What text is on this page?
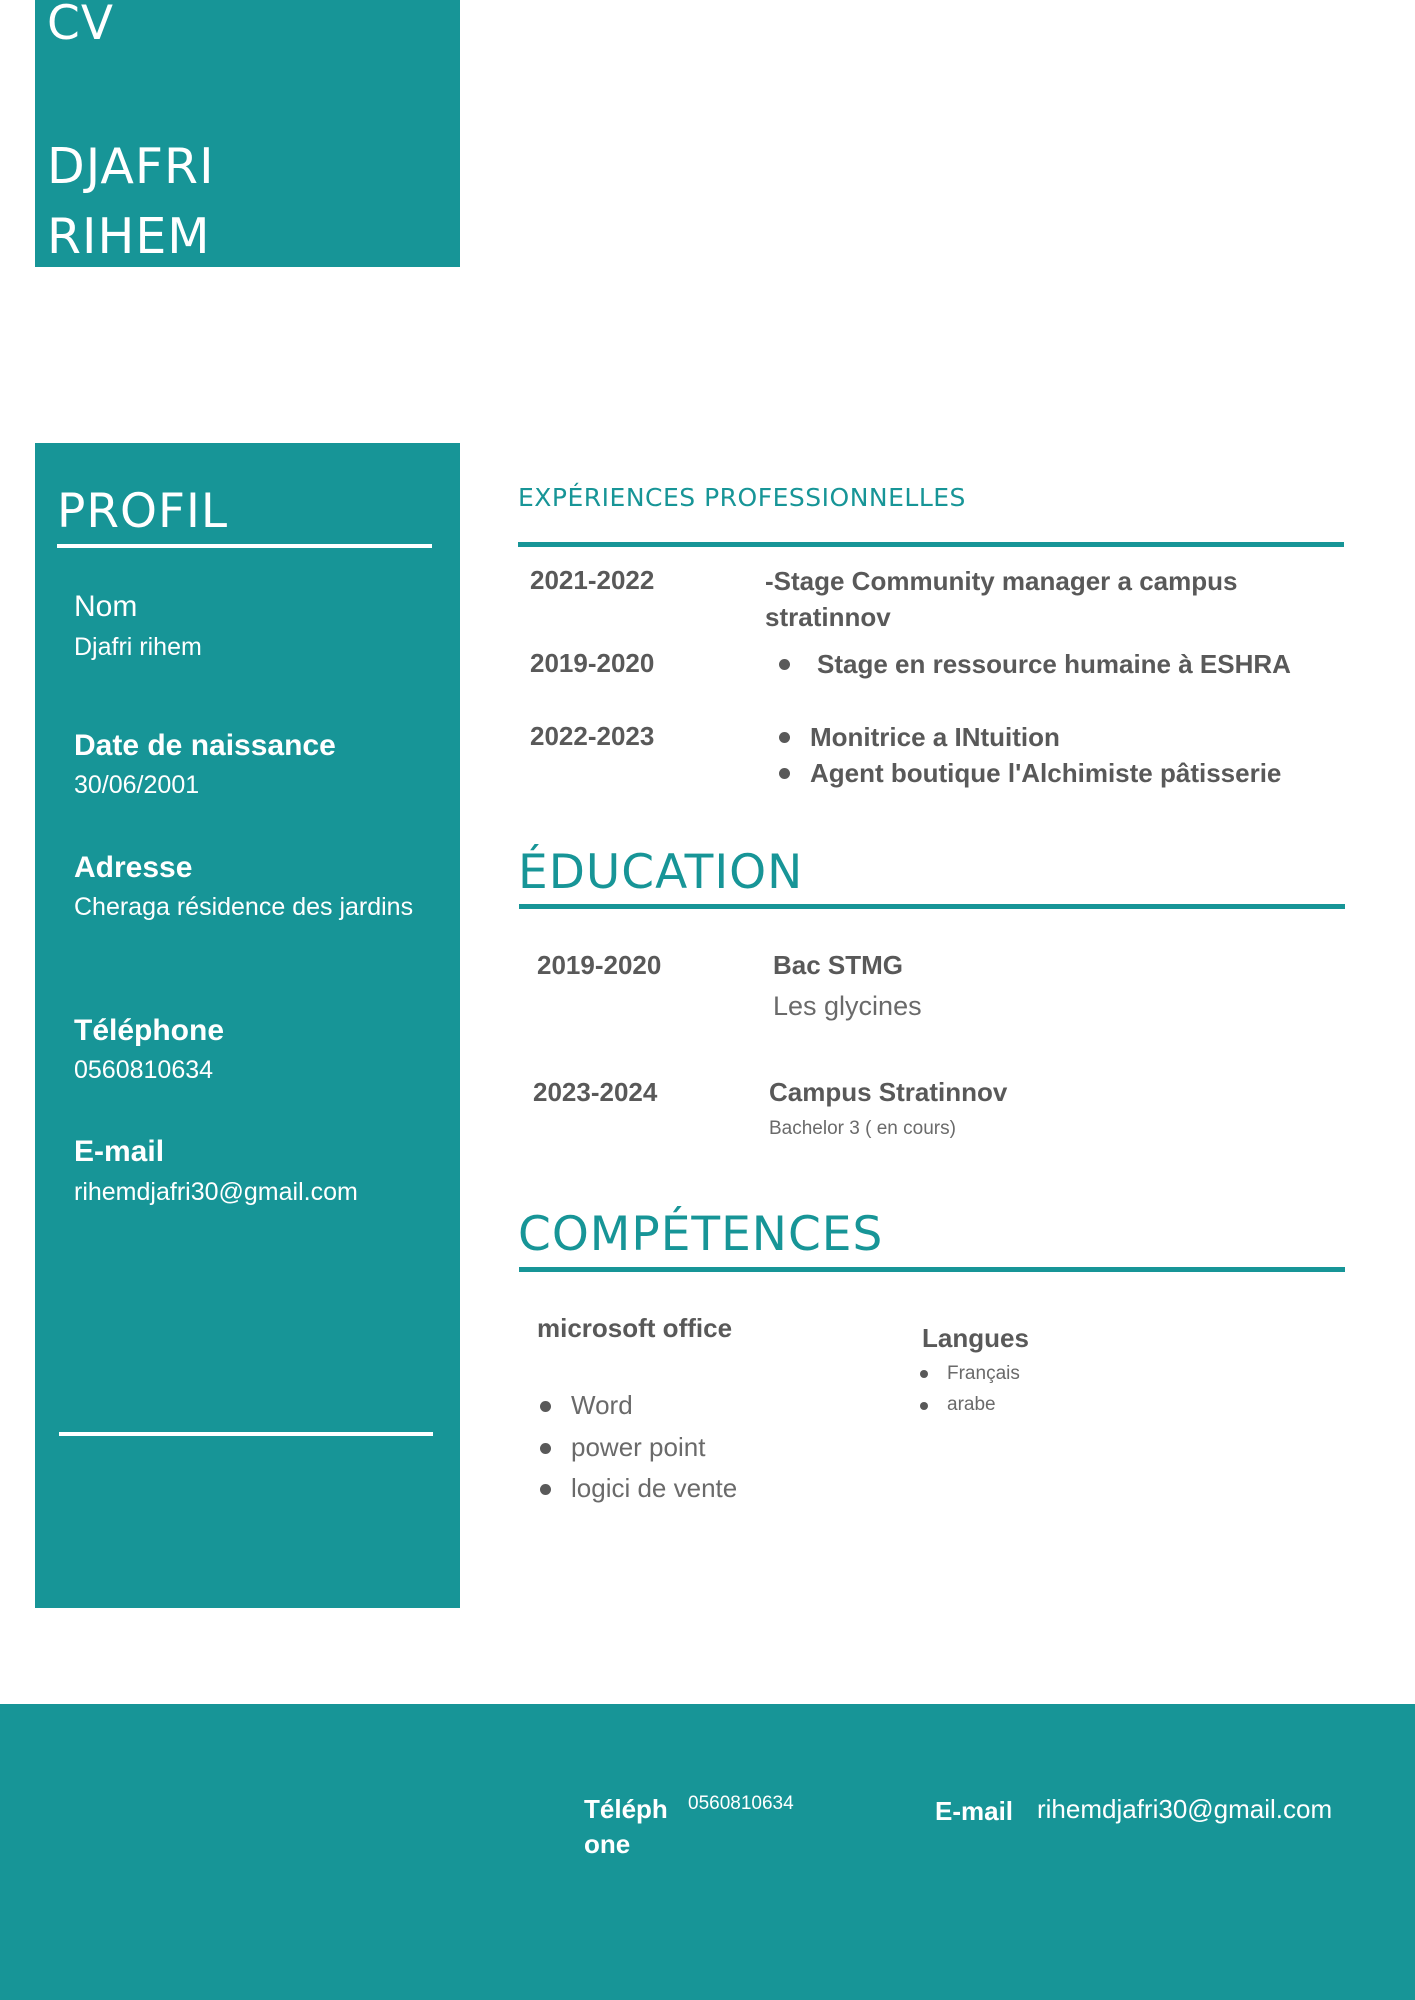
CV
DJAFRI
RIHEM
PROFIL
Nom
Djafri rihem
Date de naissance
30/06/2001
Adresse
Cheraga résidence des jardins
Téléphone
0560810634
E-mail
rihemdjafri30@gmail.com
EXPÉRIENCES PROFESSIONNELLES
2021-2022	-Stage Community manager a campus
stratinnov
2019-2020	Stage en ressource humaine à ESHRA
2022-2023	Monitrice a INtuition
Agent boutique l'Alchimiste pâtisserie
ÉDUCATION
2019-2020	Bac STMG
Les glycines
2023-2024	Campus Stratinnov
Bachelor 3 ( en cours)
COMPÉTENCES
microsoft office
Word
power point
logici de vente
Langues
Français
arabe
Téléph
one
0560810634	E-mail rihemdjafri30@gmail.com
